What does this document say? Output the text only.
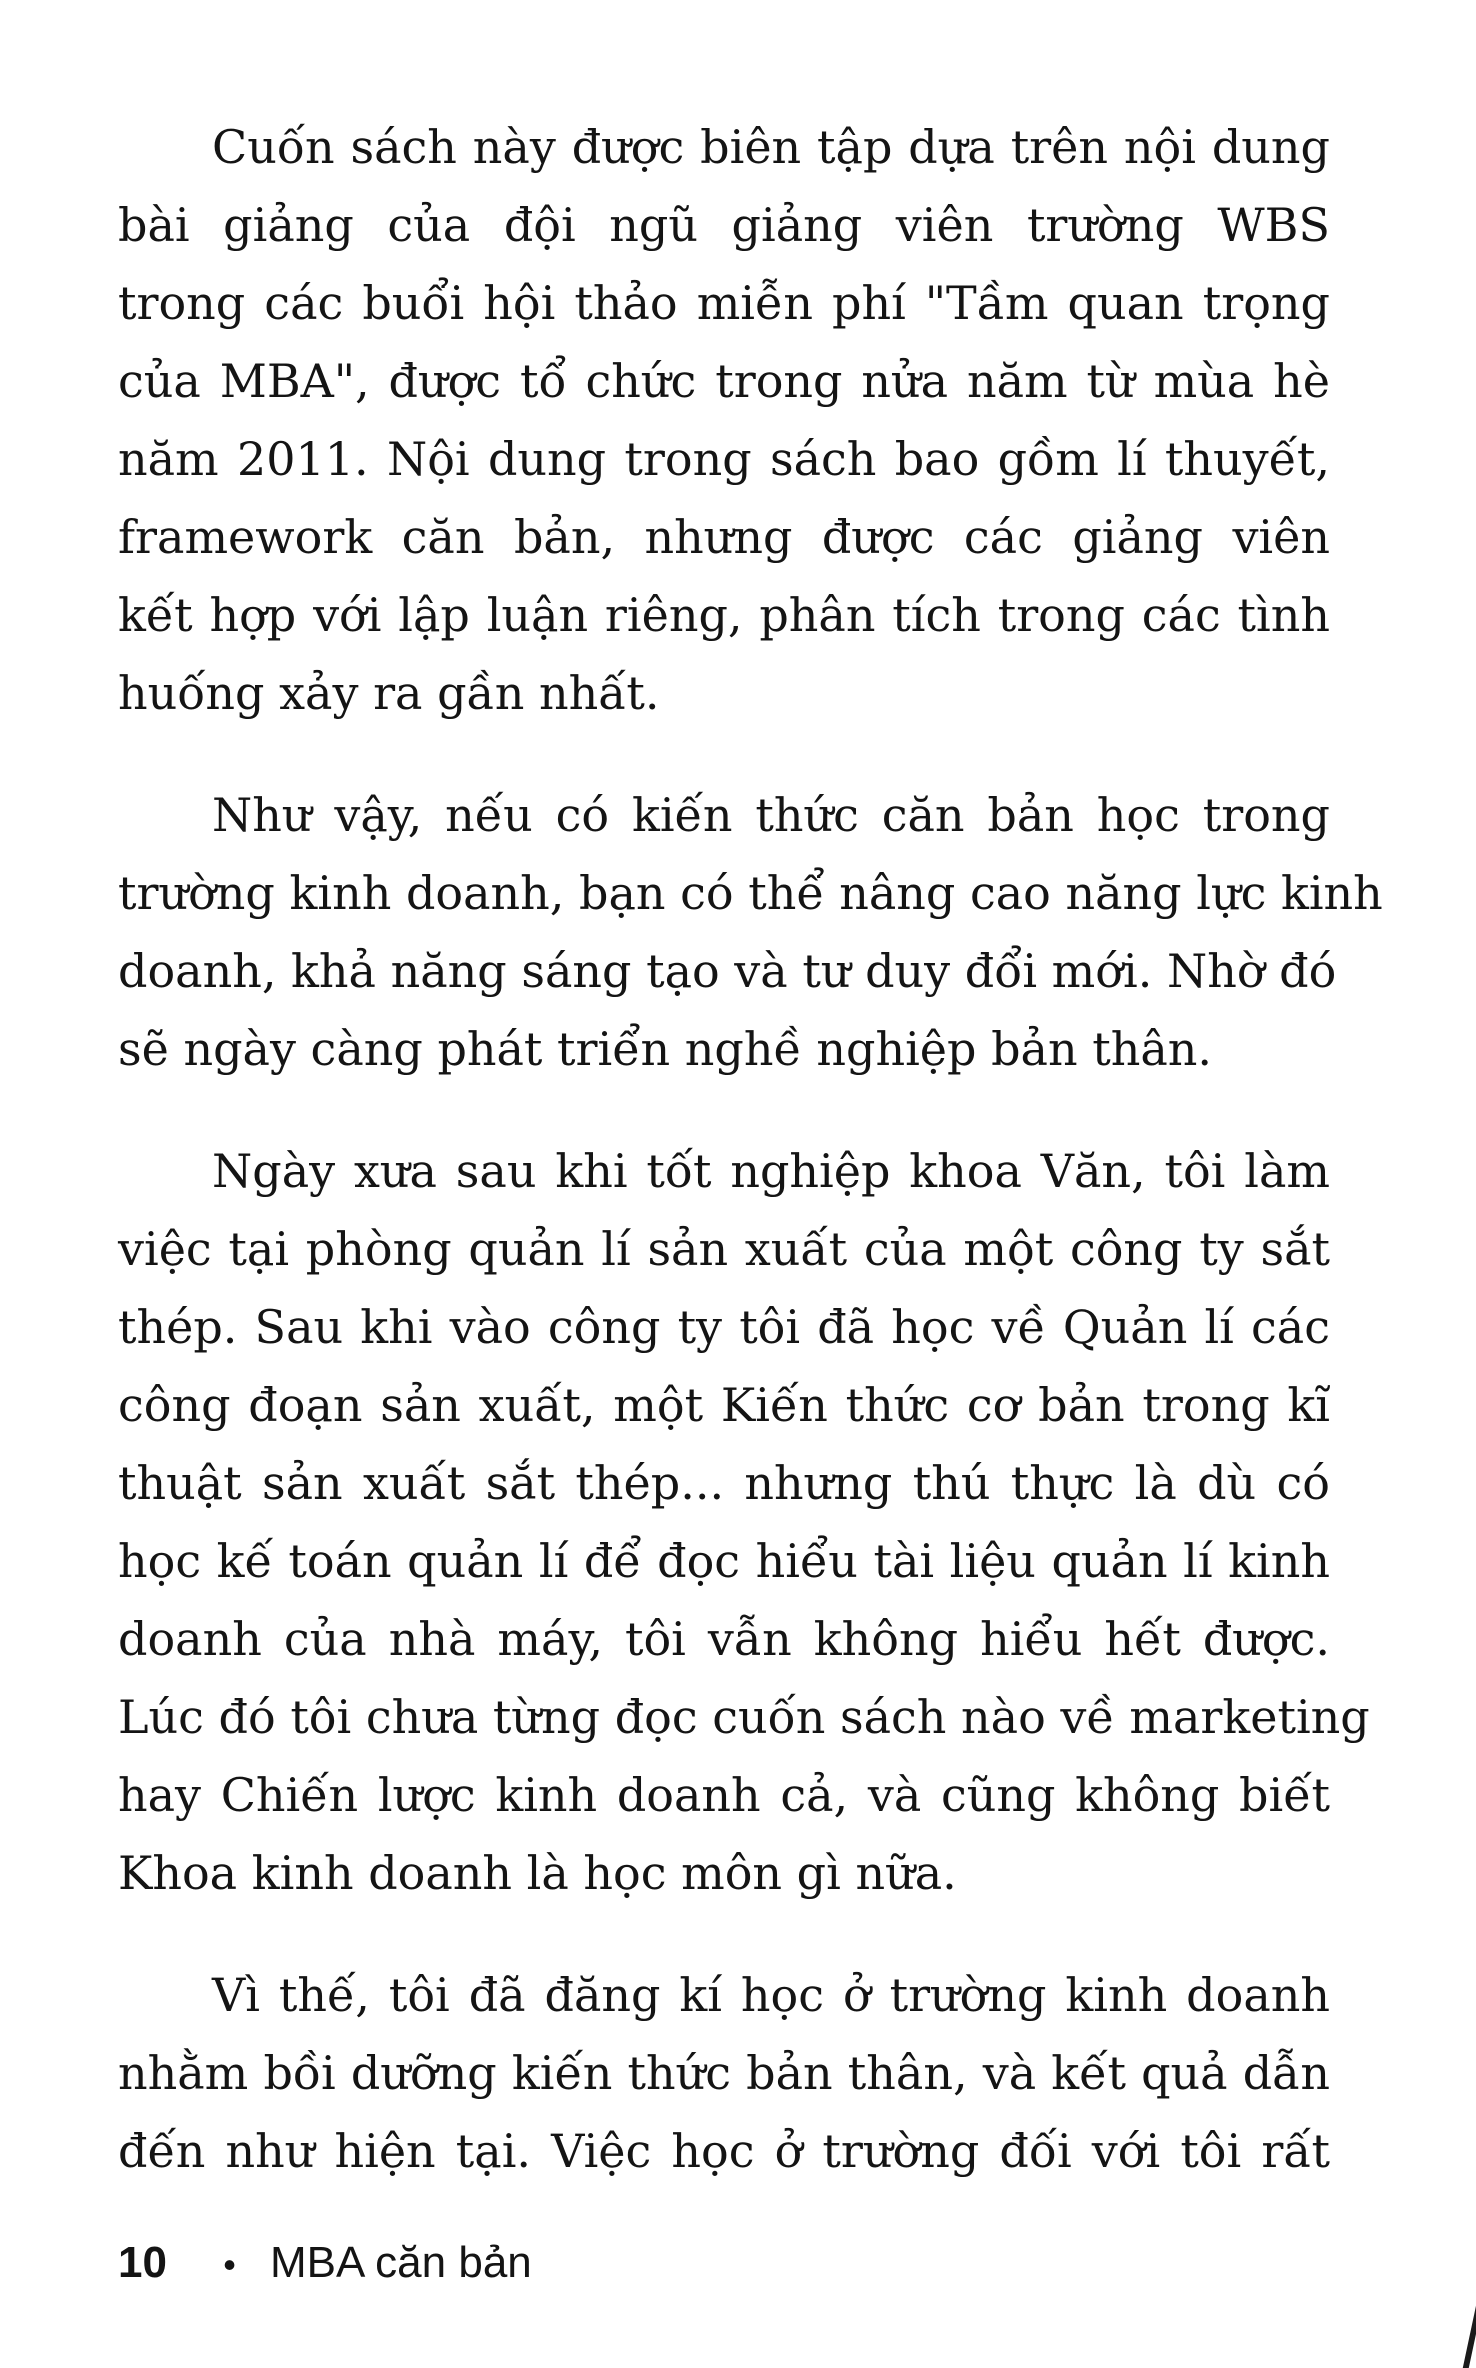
Cuốn sách này được biên tập dựa trên nội dung
bài giảng của đội ngũ giảng viên trường WBS
trong các buổi hội thảo miễn phí "Tầm quan trọng
của MBA", được tổ chức trong nửa năm từ mùa hè
năm 2011. Nội dung trong sách bao gồm lí thuyết,
framework căn bản, nhưng được các giảng viên
kết hợp với lập luận riêng, phân tích trong các tình
huống xảy ra gần nhất.
Như vậy, nếu có kiến thức căn bản học trong
trường kinh doanh, bạn có thể nâng cao năng lực kinh
doanh, khả năng sáng tạo và tư duy đổi mới. Nhờ đó
sẽ ngày càng phát triển nghề nghiệp bản thân.
Ngày xưa sau khi tốt nghiệp khoa Văn, tôi làm
việc tại phòng quản lí sản xuất của một công ty sắt
thép. Sau khi vào công ty tôi đã học về Quản lí các
công đoạn sản xuất, một Kiến thức cơ bản trong kĩ
thuật sản xuất sắt thép... nhưng thú thực là dù có
học kế toán quản lí để đọc hiểu tài liệu quản lí kinh
doanh của nhà máy, tôi vẫn không hiểu hết được.
Lúc đó tôi chưa từng đọc cuốn sách nào về marketing
hay Chiến lược kinh doanh cả, và cũng không biết
Khoa kinh doanh là học môn gì nữa.
Vì thế, tôi đã đăng kí học ở trường kinh doanh
nhằm bồi dưỡng kiến thức bản thân, và kết quả dẫn
đến như hiện tại. Việc học ở trường đối với tôi rất
10 • MBA căn bản
